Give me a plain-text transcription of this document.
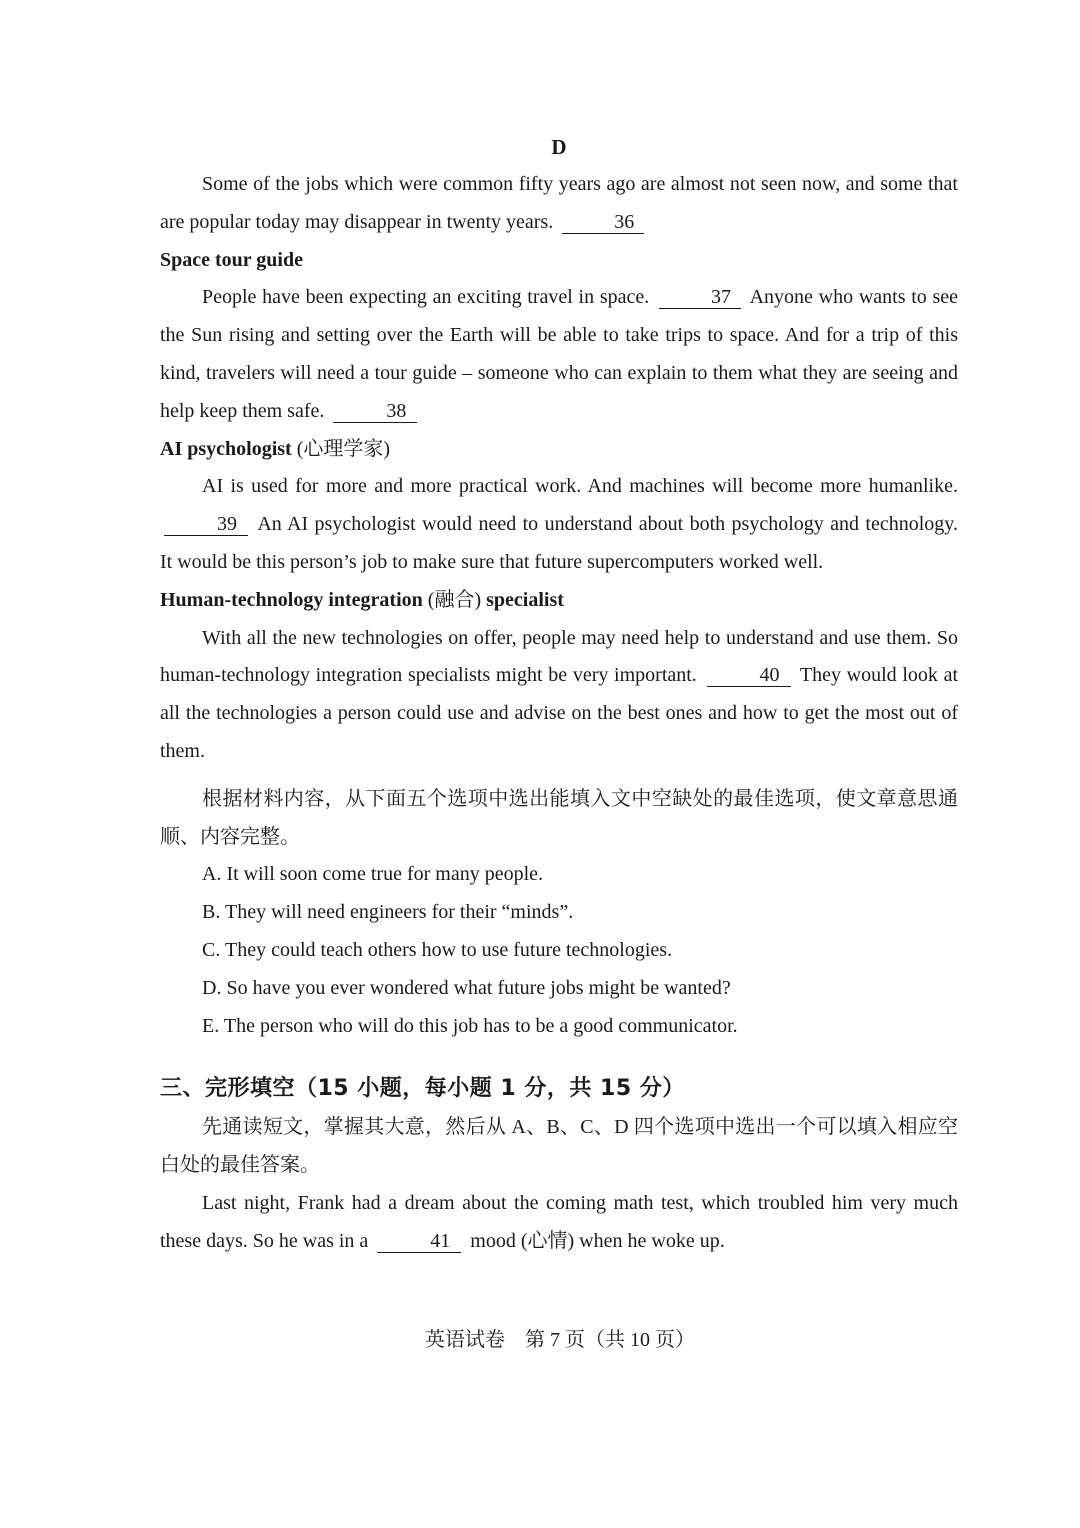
D

Some of the jobs which were common fifty years ago are almost not seen now, and some that are popular today may disappear in twenty years.	36

Space tour guide

People have been expecting an exciting travel in space.	37 Anyone who wants to see the Sun rising and setting over the Earth will be able to take trips to space. And for a trip of this kind, travelers will need a tour guide – someone who can explain to them what they are seeing and help keep them safe.	38

AI psychologist (心理学家)

AI is used for more and more practical work. And machines will become more humanlike. 39 An AI psychologist would need to understand about both psychology and technology. It would be this person’s job to make sure that future supercomputers worked well.

Human-technology integration (融合) specialist

With all the new technologies on offer, people may need help to understand and use them. So human-technology integration specialists might be very important.	40 They would look at all the technologies a person could use and advise on the best ones and how to get the most out of them.

根据材料内容，从下面五个选项中选出能填入文中空缺处的最佳选项，使文章意思通顺、内容完整。

A. It will soon come true for many people.

B. They will need engineers for their “minds”.

C. They could teach others how to use future technologies.

D. So have you ever wondered what future jobs might be wanted?

E. The person who will do this job has to be a good communicator.

三、完形填空（15 小题，每小题 1 分，共 15 分）

先通读短文，掌握其大意，然后从 A、B、C、D 四个选项中选出一个可以填入相应空白处的最佳答案。

Last night, Frank had a dream about the coming math test, which troubled him very much these days. So he was in a	41 mood (心情) when he woke up.

英语试卷　第 7 页（共 10 页）
